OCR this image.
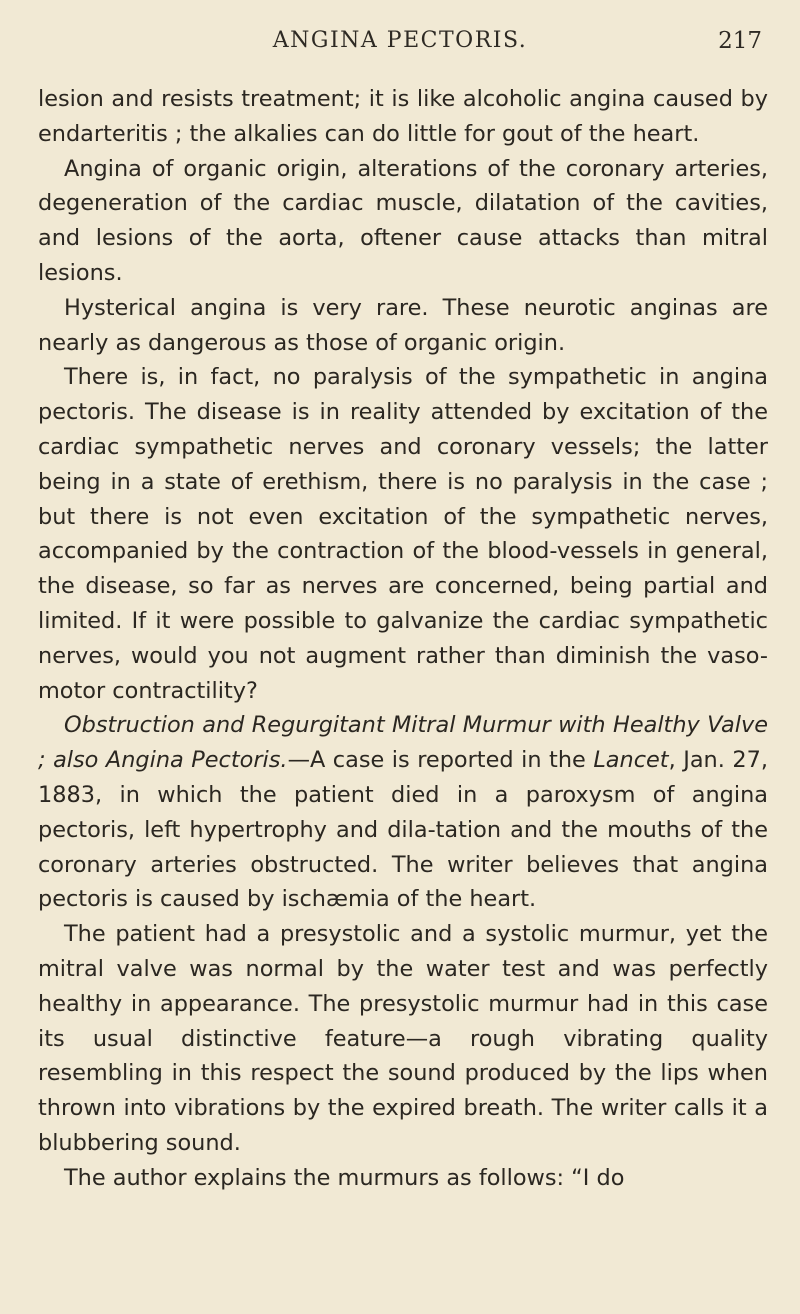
ANGINA PECTORIS.	217

lesion and resists treatment; it is like alcoholic angina caused by endarteritis ; the alkalies can do little for gout of the heart.

Angina of organic origin, alterations of the coronary arteries, degeneration of the cardiac muscle, dilatation of the cavities, and lesions of the aorta, oftener cause attacks than mitral lesions.

Hysterical angina is very rare. These neurotic anginas are nearly as dangerous as those of organic origin.

There is, in fact, no paralysis of the sympathetic in angina pectoris. The disease is in reality attended by excitation of the cardiac sympathetic nerves and coronary vessels; the latter being in a state of erethism, there is no paralysis in the case ; but there is not even excitation of the sympathetic nerves, accompanied by the contraction of the blood-vessels in general, the disease, so far as nerves are concerned, being partial and limited. If it were possible to galvanize the cardiac sympathetic nerves, would you not augment rather than diminish the vaso-motor contractility?

Obstruction and Regurgitant Mitral Murmur with Healthy Valve ; also Angina Pectoris.—A case is reported in the Lancet, Jan. 27, 1883, in which the patient died in a paroxysm of angina pectoris, left hypertrophy and dila-tation and the mouths of the coronary arteries obstructed. The writer believes that angina pectoris is caused by ischæmia of the heart.

The patient had a presystolic and a systolic murmur, yet the mitral valve was normal by the water test and was perfectly healthy in appearance. The presystolic murmur had in this case its usual distinctive feature—a rough vibrating quality resembling in this respect the sound produced by the lips when thrown into vibrations by the expired breath. The writer calls it a blubbering sound.

The author explains the murmurs as follows: “I do
